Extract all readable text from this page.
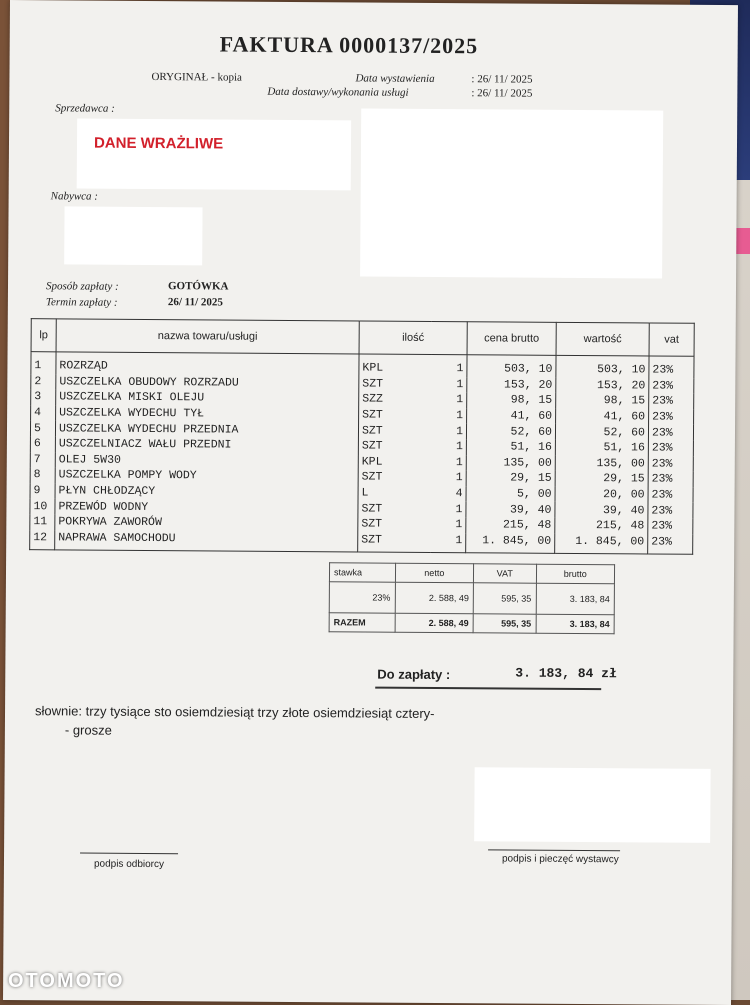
FAKTURA 0000137/2025
ORYGINAŁ - kopia	Data wystawienia	: 26/ 11/ 2025
Data dostawy/wykonania usługi	: 26/ 11/ 2025
Sprzedawca :
DANE WRAŻLIWE
Nabywca :
Sposób zapłaty :	GOTÓWKA
Termin zapłaty :	26/ 11/ 2025
lp	nazwa towaru/usługi	ilość		cena brutto	wartość	vat
1	ROZRZĄD	KPL	1	503, 10	503, 10	23%
2	USZCZELKA OBUDOWY ROZRZADU	SZT	1	153, 20	153, 20	23%
3	USZCZELKA MISKI OLEJU	SZZ	1	98, 15	98, 15	23%
4	USZCZELKA WYDECHU TYŁ	SZT	1	41, 60	41, 60	23%
5	USZCZELKA WYDECHU PRZEDNIA	SZT	1	52, 60	52, 60	23%
6	USZCZELNIACZ WAŁU PRZEDNI	SZT	1	51, 16	51, 16	23%
7	OLEJ 5W30	KPL	1	135, 00	135, 00	23%
8	USZCZELKA POMPY WODY	SZT	1	29, 15	29, 15	23%
9	PŁYN CHŁODZĄCY	L	4	5, 00	20, 00	23%
10	PRZEWÓD WODNY	SZT	1	39, 40	39, 40	23%
11	POKRYWA ZAWORÓW	SZT	1	215, 48	215, 48	23%
12	NAPRAWA SAMOCHODU	SZT	1	1. 845, 00	1. 845, 00	23%
stawka	netto	VAT	brutto
23%	2. 588, 49	595, 35	3. 183, 84
RAZEM	2. 588, 49	595, 35	3. 183, 84
Do zapłaty :	3. 183, 84 zł
słownie: trzy tysiące sto osiemdziesiąt trzy złote osiemdziesiąt cztery-
- grosze
podpis odbiorcy	podpis i pieczęć wystawcy
OTOMOTO
